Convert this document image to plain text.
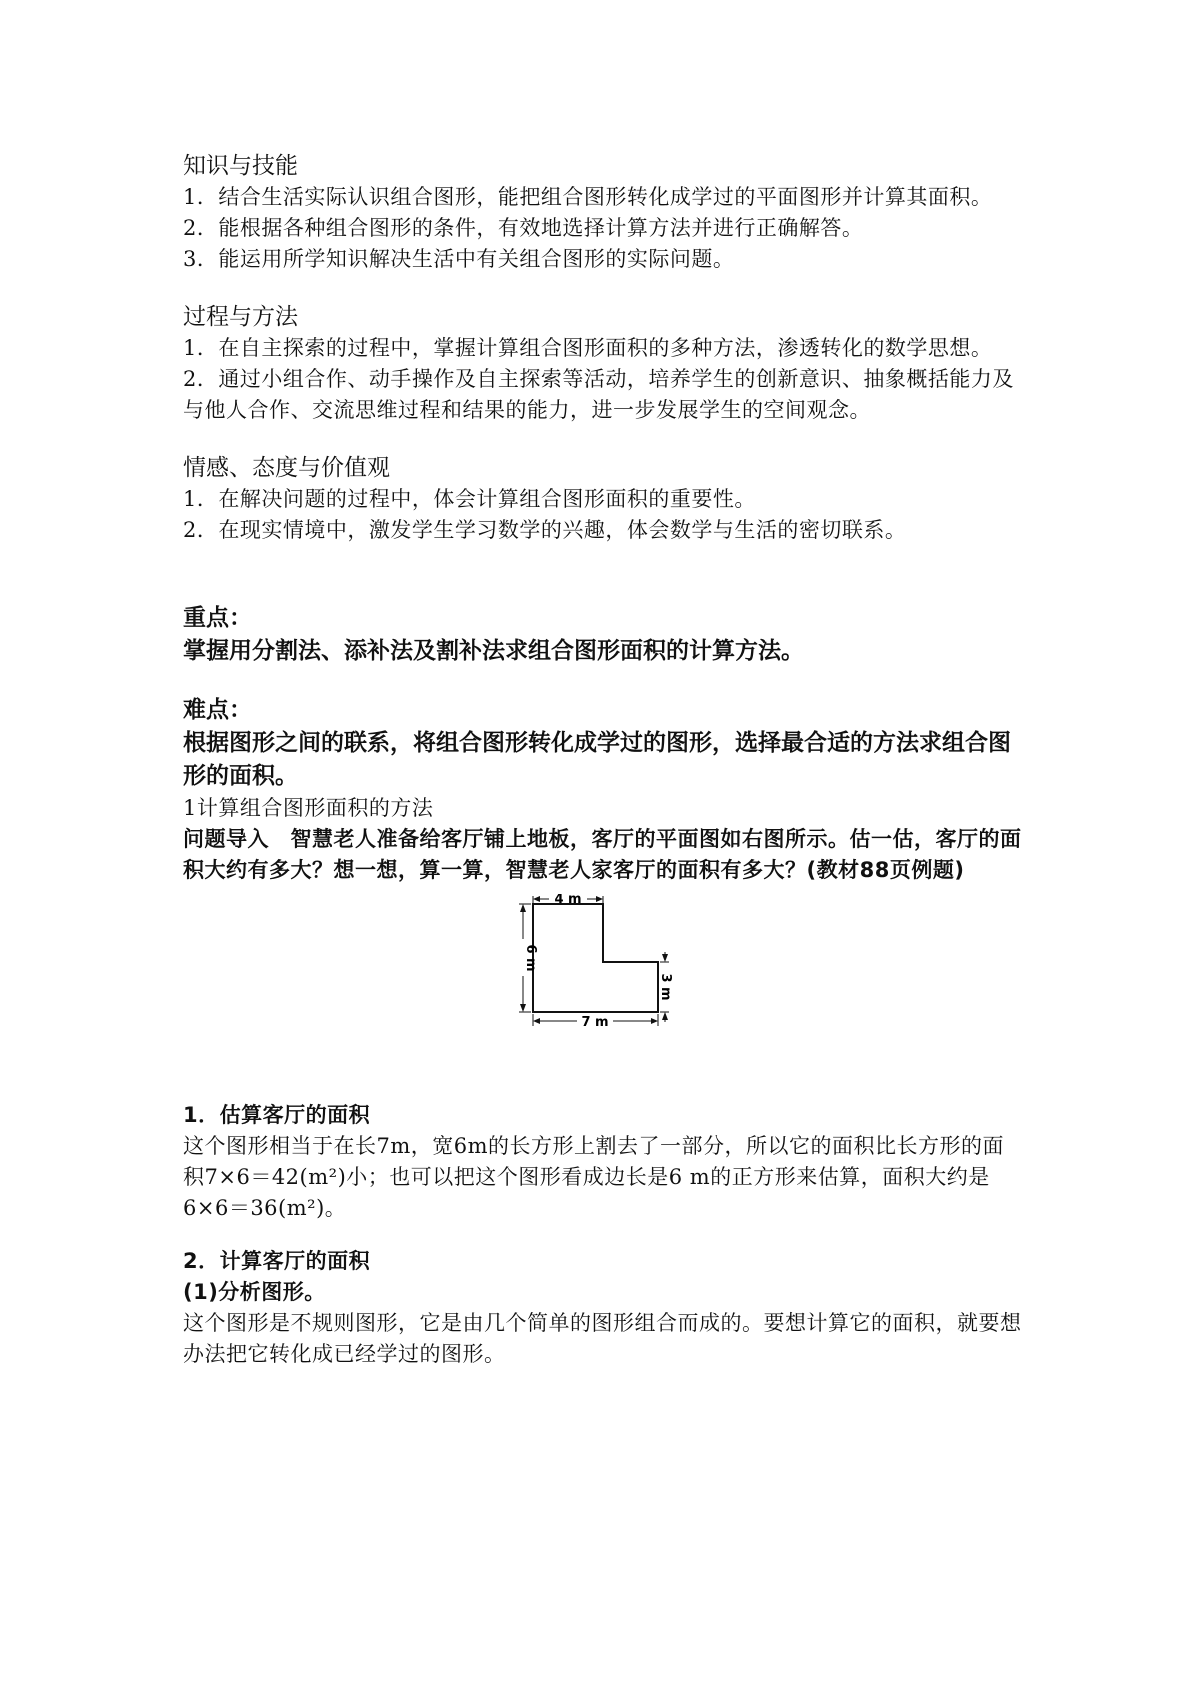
知识与技能

1．结合生活实际认识组合图形，能把组合图形转化成学过的平面图形并计算其面积。

2．能根据各种组合图形的条件，有效地选择计算方法并进行正确解答。

3．能运用所学知识解决生活中有关组合图形的实际问题。

过程与方法

1．在自主探索的过程中，掌握计算组合图形面积的多种方法，渗透转化的数学思想。

2．通过小组合作、动手操作及自主探索等活动，培养学生的创新意识、抽象概括能力及与他人合作、交流思维过程和结果的能力，进一步发展学生的空间观念。

情感、态度与价值观

1．在解决问题的过程中，体会计算组合图形面积的重要性。

2．在现实情境中，激发学生学习数学的兴趣，体会数学与生活的密切联系。

重点：

掌握用分割法、添补法及割补法求组合图形面积的计算方法。

难点：

根据图形之间的联系，将组合图形转化成学过的图形，选择最合适的方法求组合图形的面积。

1计算组合图形面积的方法

问题导入　智慧老人准备给客厅铺上地板，客厅的平面图如右图所示。估一估，客厅的面积大约有多大？想一想，算一算，智慧老人家客厅的面积有多大？(教材88页例题)

4 m
6 m
3 m
7 m

1．估算客厅的面积

这个图形相当于在长7m，宽6m的长方形上割去了一部分，所以它的面积比长方形的面积7×6＝42(m²)小；也可以把这个图形看成边长是6 m的正方形来估算，面积大约是6×6＝36(m²)。

2．计算客厅的面积

(1)分析图形。

这个图形是不规则图形，它是由几个简单的图形组合而成的。要想计算它的面积，就要想办法把它转化成已经学过的图形。
